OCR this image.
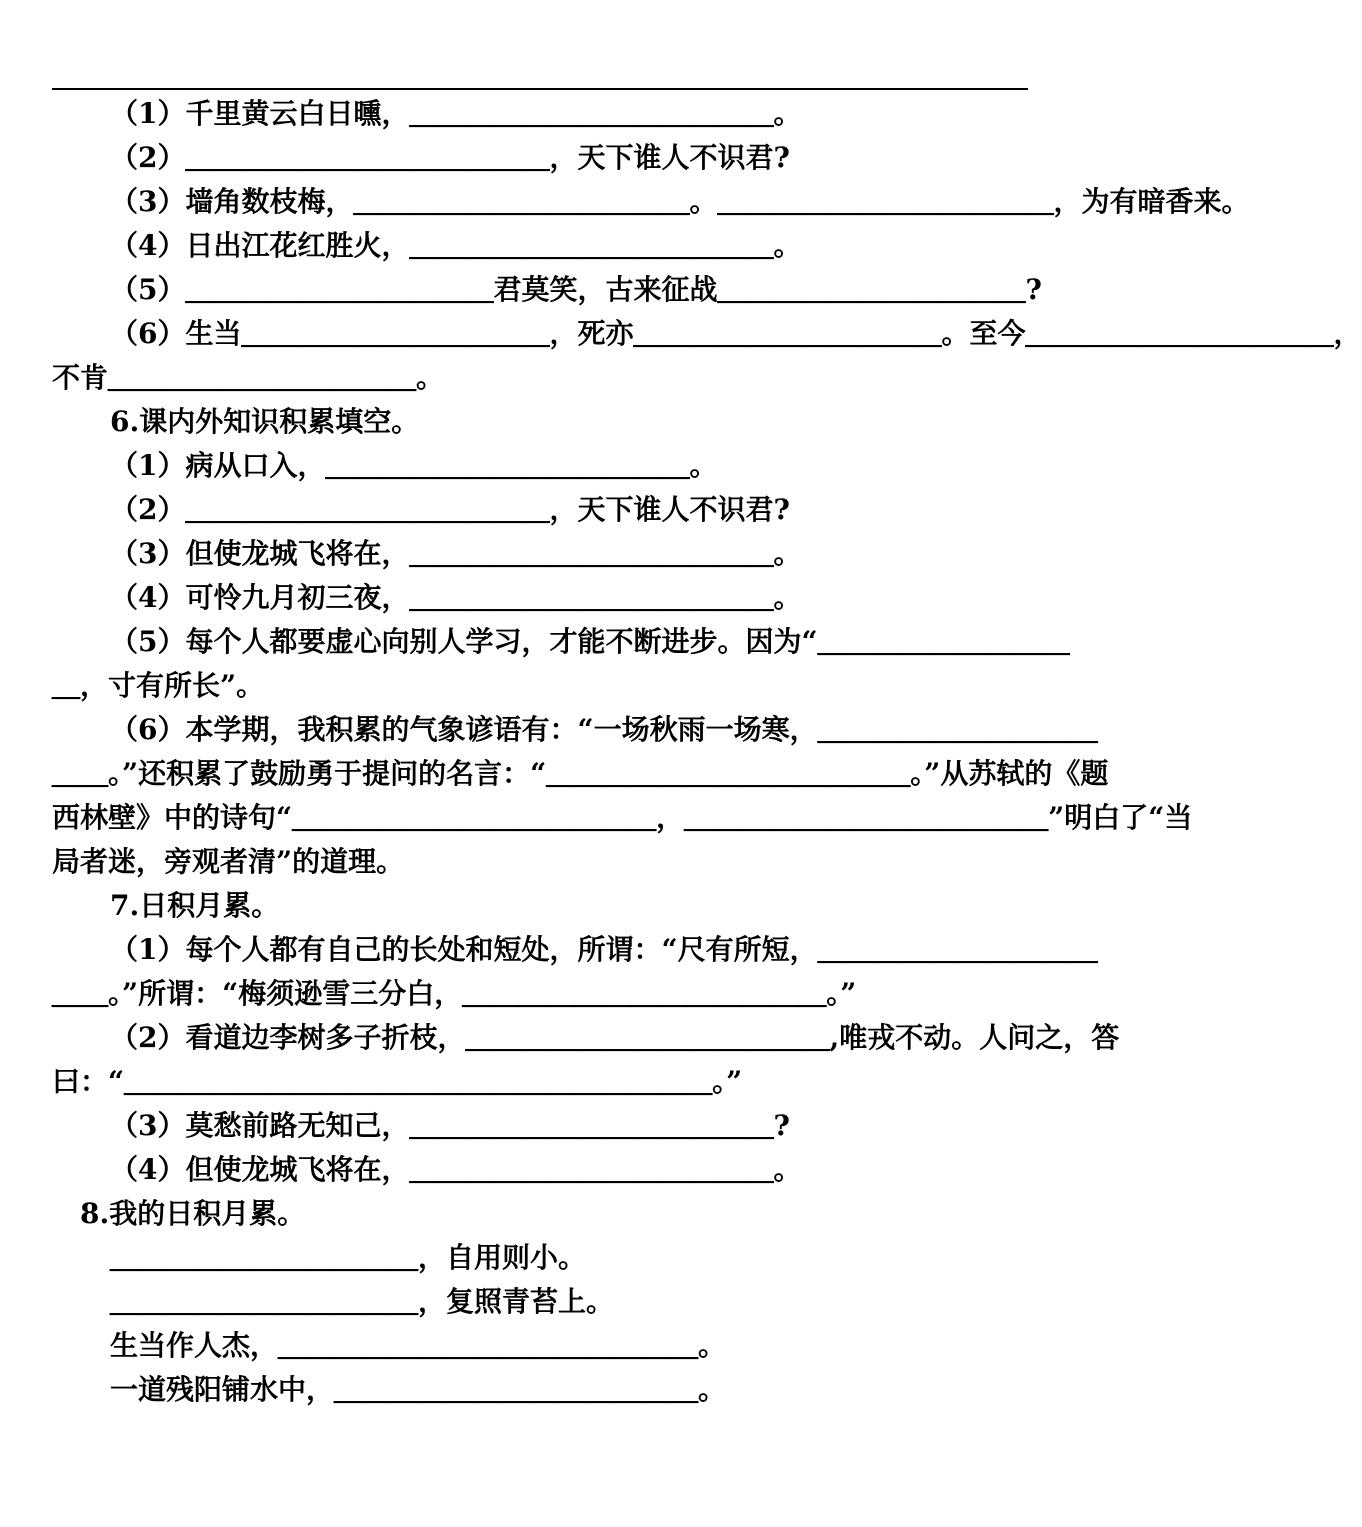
（1）千里黄云白日曛，＿＿＿＿＿＿＿＿＿＿＿＿＿。
（2）＿＿＿＿＿＿＿＿＿＿＿＿＿，天下谁人不识君?
（3）墙角数枝梅，＿＿＿＿＿＿＿＿＿＿＿＿。＿＿＿＿＿＿＿＿＿＿＿＿，为有暗香来。
（4）日出江花红胜火，＿＿＿＿＿＿＿＿＿＿＿＿＿。
（5）＿＿＿＿＿＿＿＿＿＿＿君莫笑，古来征战＿＿＿＿＿＿＿＿＿＿＿?
（6）生当＿＿＿＿＿＿＿＿＿＿＿，死亦＿＿＿＿＿＿＿＿＿＿＿。至今＿＿＿＿＿＿＿＿＿＿＿，
不肯＿＿＿＿＿＿＿＿＿＿＿。
6.课内外知识积累填空。
（1）病从口入，＿＿＿＿＿＿＿＿＿＿＿＿＿。
（2）＿＿＿＿＿＿＿＿＿＿＿＿＿，天下谁人不识君?
（3）但使龙城飞将在，＿＿＿＿＿＿＿＿＿＿＿＿＿。
（4）可怜九月初三夜，＿＿＿＿＿＿＿＿＿＿＿＿＿。
（5）每个人都要虚心向别人学习，才能不断进步。因为“＿＿＿＿＿＿＿＿＿
＿，寸有所长”。
（6）本学期，我积累的气象谚语有：“一场秋雨一场寒，＿＿＿＿＿＿＿＿＿＿
＿＿。”还积累了鼓励勇于提问的名言：“＿＿＿＿＿＿＿＿＿＿＿＿＿。”从苏轼的《题
西林壁》中的诗句“＿＿＿＿＿＿＿＿＿＿＿＿＿，＿＿＿＿＿＿＿＿＿＿＿＿＿”明白了“当
局者迷，旁观者清”的道理。
7.日积月累。
（1）每个人都有自己的长处和短处，所谓：“尺有所短，＿＿＿＿＿＿＿＿＿＿
＿＿。”所谓：“梅须逊雪三分白，＿＿＿＿＿＿＿＿＿＿＿＿＿。”
（2）看道边李树多子折枝，＿＿＿＿＿＿＿＿＿＿＿＿＿,唯戎不动。人问之，答
曰：“＿＿＿＿＿＿＿＿＿＿＿＿＿＿＿＿＿＿＿＿＿。”
（3）莫愁前路无知己，＿＿＿＿＿＿＿＿＿＿＿＿＿?
（4）但使龙城飞将在，＿＿＿＿＿＿＿＿＿＿＿＿＿。
8.我的日积月累。
＿＿＿＿＿＿＿＿＿＿＿，自用则小。
＿＿＿＿＿＿＿＿＿＿＿，复照青苔上。
生当作人杰，＿＿＿＿＿＿＿＿＿＿＿＿＿＿＿。
一道残阳铺水中，＿＿＿＿＿＿＿＿＿＿＿＿＿。
